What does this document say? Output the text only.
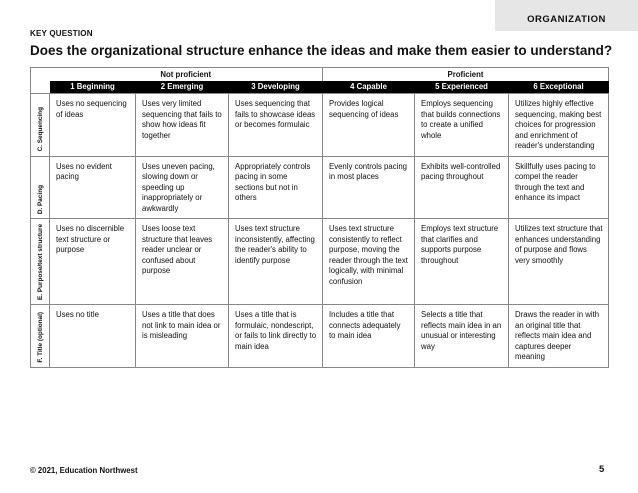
ORGANIZATION
KEY QUESTION
Does the organizational structure enhance the ideas and make them easier to understand?
	Not proficient			Proficient		
	1 Beginning	2 Emerging	3 Developing	4 Capable	5 Experienced	6 Exceptional

C. Sequencing	Uses no sequencing of ideas	Uses very limited sequencing that fails to show how ideas fit together	Uses sequencing that fails to showcase ideas or becomes formulaic	Provides logical sequencing of ideas	Employs sequencing that builds connections to create a unified whole	Utilizes highly effective sequencing, making best choices for progression and enrichment of reader's understanding

D. Pacing	Uses no evident pacing	Uses uneven pacing, slowing down or speeding up inappropriately or awkwardly	Appropriately controls pacing in some sections but not in others	Evenly controls pacing in most places	Exhibits well-controlled pacing throughout	Skillfully uses pacing to compel the reader through the text and enhance its impact

E. Purpose/text structure	Uses no discernible text structure or purpose	Uses loose text structure that leaves reader unclear or confused about purpose	Uses text structure inconsistently, affecting the reader's ability to identify purpose	Uses text structure consistently to reflect purpose, moving the reader through the text logically, with minimal confusion	Employs text structure that clarifies and supports purpose throughout	Utilizes text structure that enhances understanding of purpose and flows very smoothly

F. Title (optional)	Uses no title	Uses a title that does not link to main idea or is misleading	Uses a title that is formulaic, nondescript, or fails to link directly to main idea	Includes a title that connects adequately to main idea	Selects a title that reflects main idea in an unusual or interesting way	Draws the reader in with an original title that reflects main idea and captures deeper meaning
© 2021, Education Northwest	5
